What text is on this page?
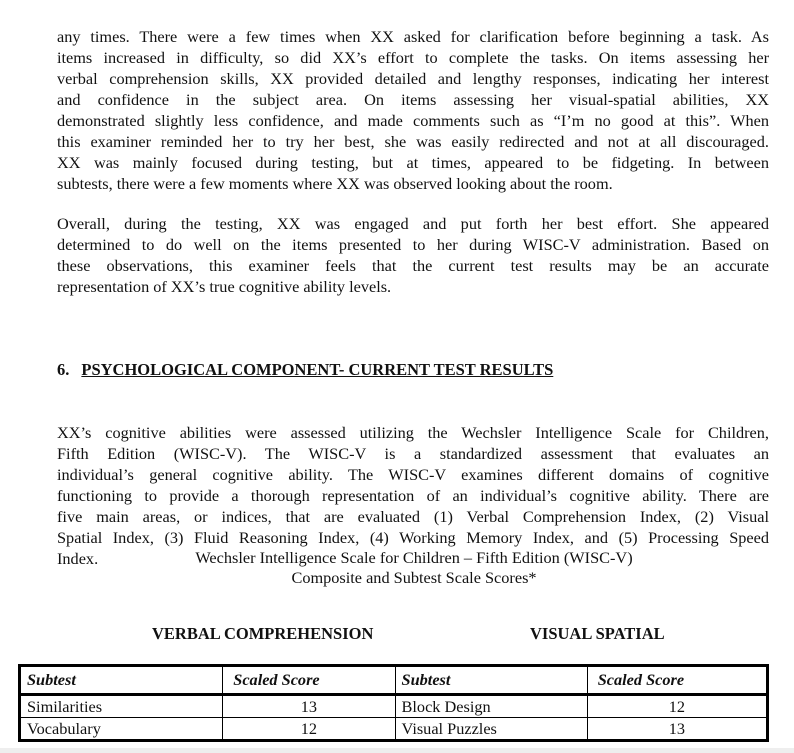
any times. There were a few times when XX asked for clarification before beginning a task. As
items increased in difficulty, so did XX’s effort to complete the tasks. On items assessing her
verbal comprehension skills, XX provided detailed and lengthy responses, indicating her interest
and confidence in the subject area. On items assessing her visual-spatial abilities, XX
demonstrated slightly less confidence, and made comments such as “I’m no good at this”. When
this examiner reminded her to try her best, she was easily redirected and not at all discouraged.
XX was mainly focused during testing, but at times, appeared to be fidgeting. In between
subtests, there were a few moments where XX was observed looking about the room.
Overall, during the testing, XX was engaged and put forth her best effort. She appeared
determined to do well on the items presented to her during WISC-V administration. Based on
these observations, this examiner feels that the current test results may be an accurate
representation of XX’s true cognitive ability levels.
6. PSYCHOLOGICAL COMPONENT- CURRENT TEST RESULTS
XX’s cognitive abilities were assessed utilizing the Wechsler Intelligence Scale for Children,
Fifth Edition (WISC-V). The WISC-V is a standardized assessment that evaluates an
individual’s general cognitive ability. The WISC-V examines different domains of cognitive
functioning to provide a thorough representation of an individual’s cognitive ability. There are
five main areas, or indices, that are evaluated (1) Verbal Comprehension Index, (2) Visual
Spatial Index, (3) Fluid Reasoning Index, (4) Working Memory Index, and (5) Processing Speed
Index.	Wechsler Intelligence Scale for Children – Fifth Edition (WISC-V)
Composite and Subtest Scale Scores*
VERBAL COMPREHENSION	VISUAL SPATIAL
Subtest	Scaled Score	Subtest	Scaled Score
Similarities	13	Block Design	12
Vocabulary	12	Visual Puzzles	13
